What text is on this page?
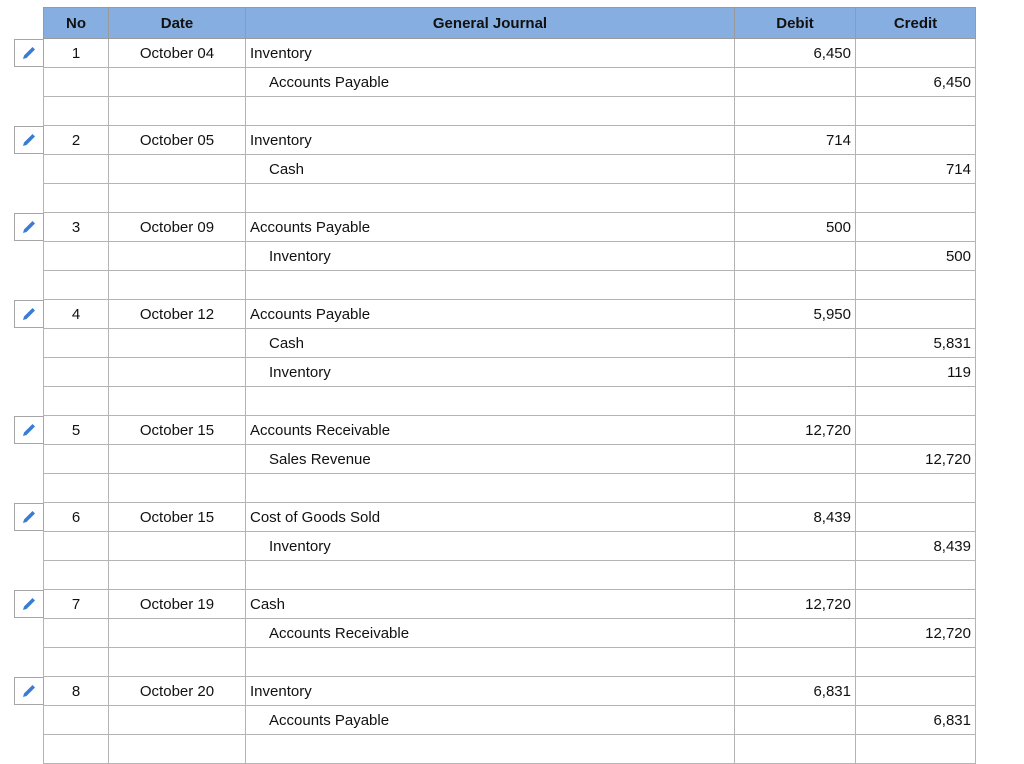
No	Date	General Journal	Debit	Credit
1	October 04	Inventory	6,450	
		Accounts Payable		6,450

2	October 05	Inventory	714	
		Cash		714

3	October 09	Accounts Payable	500	
		Inventory		500

4	October 12	Accounts Payable	5,950	
		Cash		5,831
		Inventory		119

5	October 15	Accounts Receivable	12,720	
		Sales Revenue		12,720

6	October 15	Cost of Goods Sold	8,439	
		Inventory		8,439

7	October 19	Cash	12,720	
		Accounts Receivable		12,720

8	October 20	Inventory	6,831	
		Accounts Payable		6,831
